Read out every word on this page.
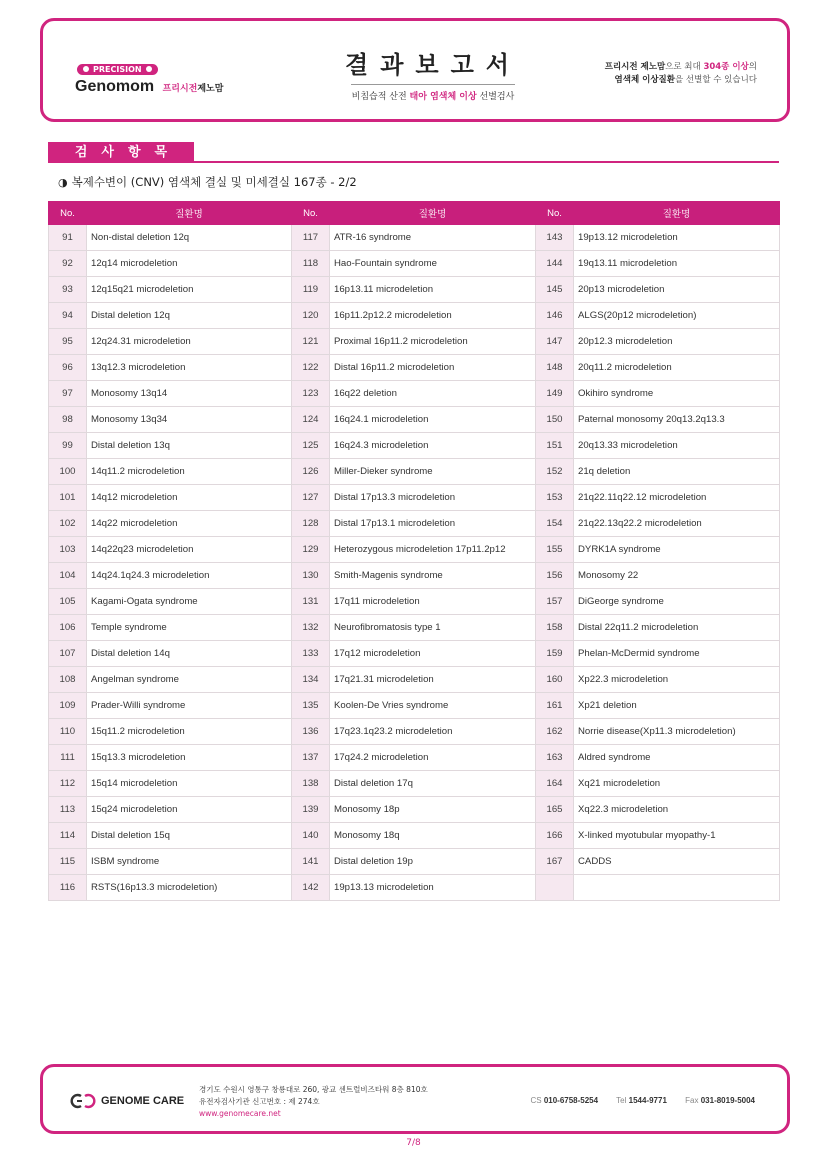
PRECISION
Genomom 프리시전제노맘
결과보고서
비침습적 산전 태아 염색체 이상 선별검사
프리시전 제노맘으로 최대 304종 이상의
염색체 이상질환을 선별할 수 있습니다
검사항목
◑ 복제수변이 (CNV) 염색체 결실 및 미세결실 167종 - 2/2
No.	질환명	No.	질환명	No.	질환명
91	Non-distal deletion 12q	117	ATR-16 syndrome	143	19p13.12 microdeletion
92	12q14 microdeletion	118	Hao-Fountain syndrome	144	19q13.11 microdeletion
93	12q15q21 microdeletion	119	16p13.11 microdeletion	145	20p13 microdeletion
94	Distal deletion 12q	120	16p11.2p12.2 microdeletion	146	ALGS(20p12 microdeletion)
95	12q24.31 microdeletion	121	Proximal 16p11.2 microdeletion	147	20p12.3 microdeletion
96	13q12.3 microdeletion	122	Distal 16p11.2 microdeletion	148	20q11.2 microdeletion
97	Monosomy 13q14	123	16q22 deletion	149	Okihiro syndrome
98	Monosomy 13q34	124	16q24.1 microdeletion	150	Paternal monosomy 20q13.2q13.3
99	Distal deletion 13q	125	16q24.3 microdeletion	151	20q13.33 microdeletion
100	14q11.2 microdeletion	126	Miller-Dieker syndrome	152	21q deletion
101	14q12 microdeletion	127	Distal 17p13.3 microdeletion	153	21q22.11q22.12 microdeletion
102	14q22 microdeletion	128	Distal 17p13.1 microdeletion	154	21q22.13q22.2 microdeletion
103	14q22q23 microdeletion	129	Heterozygous microdeletion 17p11.2p12	155	DYRK1A syndrome
104	14q24.1q24.3 microdeletion	130	Smith-Magenis syndrome	156	Monosomy 22
105	Kagami-Ogata syndrome	131	17q11 microdeletion	157	DiGeorge syndrome
106	Temple syndrome	132	Neurofibromatosis type 1	158	Distal 22q11.2 microdeletion
107	Distal deletion 14q	133	17q12 microdeletion	159	Phelan-McDermid syndrome
108	Angelman syndrome	134	17q21.31 microdeletion	160	Xp22.3 microdeletion
109	Prader-Willi syndrome	135	Koolen-De Vries syndrome	161	Xp21 deletion
110	15q11.2 microdeletion	136	17q23.1q23.2 microdeletion	162	Norrie disease(Xp11.3 microdeletion)
111	15q13.3 microdeletion	137	17q24.2 microdeletion	163	Aldred syndrome
112	15q14 microdeletion	138	Distal deletion 17q	164	Xq21 microdeletion
113	15q24 microdeletion	139	Monosomy 18p	165	Xq22.3 microdeletion
114	Distal deletion 15q	140	Monosomy 18q	166	X-linked myotubular myopathy-1
115	ISBM syndrome	141	Distal deletion 19p	167	CADDS
116	RSTS(16p13.3 microdeletion)	142	19p13.13 microdeletion		
GENOME CARE
경기도 수원시 영통구 창룡대로 260, 광교 센트럴비즈타워 8층 810호
유전자검사기관 신고번호 : 제 274호
www.genomecare.net
CS 010-6758-5254 Tel 1544-9771 Fax 031-8019-5004
7/8
